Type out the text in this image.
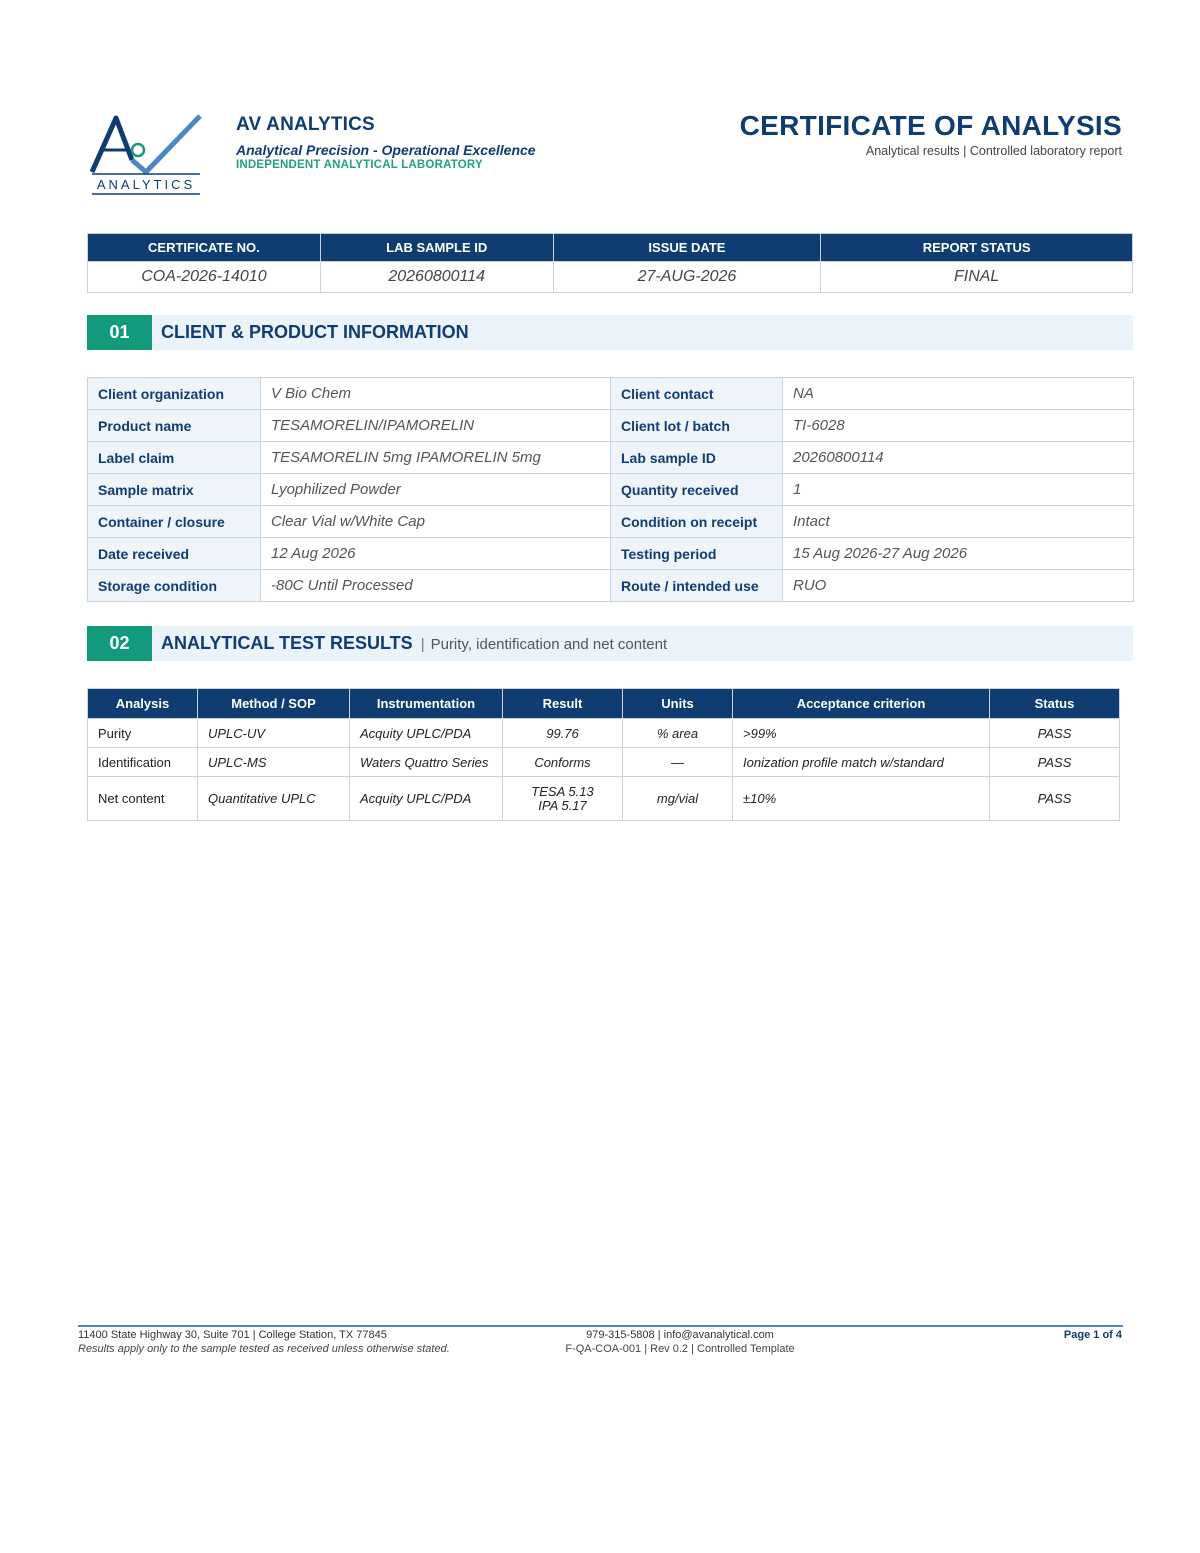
ANALYTICS
AV ANALYTICS
Analytical Precision - Operational Excellence
INDEPENDENT ANALYTICAL LABORATORY
CERTIFICATE OF ANALYSIS
Analytical results | Controlled laboratory report
CERTIFICATE NO.	LAB SAMPLE ID	ISSUE DATE	REPORT STATUS
COA-2026-14010	20260800114	27-AUG-2026	FINAL
01	CLIENT & PRODUCT INFORMATION
Client organization	V Bio Chem	Client contact	NA
Product name	TESAMORELIN/IPAMORELIN	Client lot / batch	TI-6028
Label claim	TESAMORELIN 5mg IPAMORELIN 5mg	Lab sample ID	20260800114
Sample matrix	Lyophilized Powder	Quantity received	1
Container / closure	Clear Vial w/White Cap	Condition on receipt	Intact
Date received	12 Aug 2026	Testing period	15 Aug 2026-27 Aug 2026
Storage condition	-80C Until Processed	Route / intended use	RUO
02	ANALYTICAL TEST RESULTS | Purity, identification and net content
Analysis	Method / SOP	Instrumentation	Result	Units	Acceptance criterion	Status
Purity	UPLC-UV	Acquity UPLC/PDA	99.76	% area	>99%	PASS
Identification	UPLC-MS	Waters Quattro Series	Conforms	—	Ionization profile match w/standard	PASS
Net content	Quantitative UPLC	Acquity UPLC/PDA	TESA 5.13
IPA 5.17	mg/vial	±10%	PASS
11400 State Highway 30, Suite 701 | College Station, TX 77845
Results apply only to the sample tested as received unless otherwise stated.
979-315-5808 | info@avanalytical.com
F-QA-COA-001 | Rev 0.2 | Controlled Template
Page 1 of 4
